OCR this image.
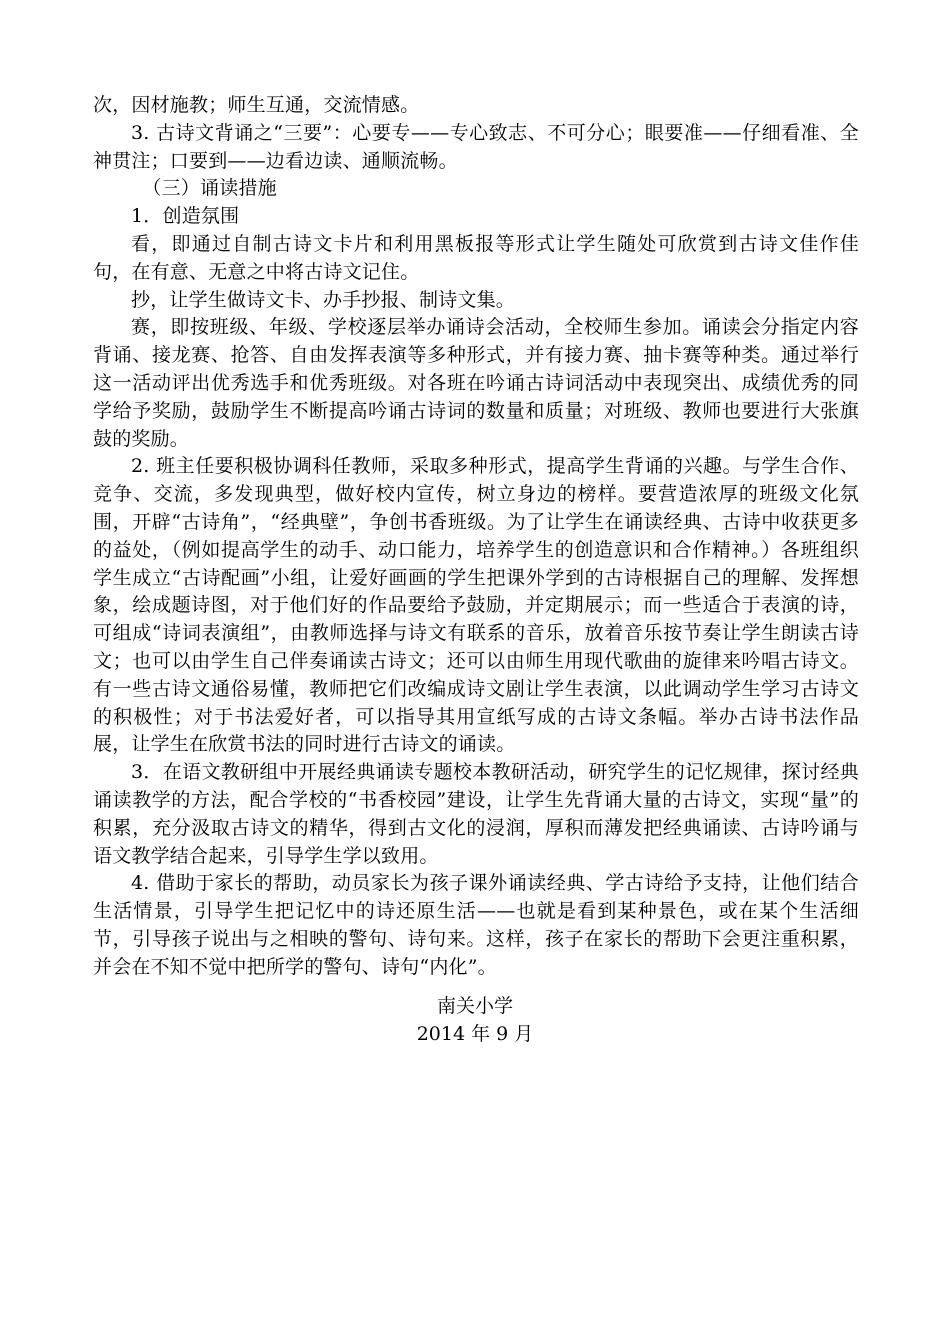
次，因材施教；师生互通，交流情感。

3. 古诗文背诵之“三要”：心要专——专心致志、不可分心；眼要准——仔细看准、全神贯注；口要到——边看边读、通顺流畅。

（三）诵读措施

1．创造氛围

看，即通过自制古诗文卡片和利用黑板报等形式让学生随处可欣赏到古诗文佳作佳句，在有意、无意之中将古诗文记住。

抄，让学生做诗文卡、办手抄报、制诗文集。

赛，即按班级、年级、学校逐层举办诵诗会活动，全校师生参加。诵读会分指定内容背诵、接龙赛、抢答、自由发挥表演等多种形式，并有接力赛、抽卡赛等种类。通过举行这一活动评出优秀选手和优秀班级。对各班在吟诵古诗词活动中表现突出、成绩优秀的同学给予奖励，鼓励学生不断提高吟诵古诗词的数量和质量；对班级、教师也要进行大张旗鼓的奖励。

2. 班主任要积极协调科任教师，采取多种形式，提高学生背诵的兴趣。与学生合作、竞争、交流，多发现典型，做好校内宣传，树立身边的榜样。要营造浓厚的班级文化氛围，开辟“古诗角”，“经典壁”，争创书香班级。为了让学生在诵读经典、古诗中收获更多的益处，（例如提高学生的动手、动口能力，培养学生的创造意识和合作精神。）各班组织学生成立“古诗配画”小组，让爱好画画的学生把课外学到的古诗根据自己的理解、发挥想象，绘成题诗图，对于他们好的作品要给予鼓励，并定期展示；而一些适合于表演的诗，可组成“诗词表演组”，由教师选择与诗文有联系的音乐，放着音乐按节奏让学生朗读古诗文；也可以由学生自己伴奏诵读古诗文；还可以由师生用现代歌曲的旋律来吟唱古诗文。有一些古诗文通俗易懂，教师把它们改编成诗文剧让学生表演，以此调动学生学习古诗文的积极性；对于书法爱好者，可以指导其用宣纸写成的古诗文条幅。举办古诗书法作品展，让学生在欣赏书法的同时进行古诗文的诵读。

3．在语文教研组中开展经典诵读专题校本教研活动，研究学生的记忆规律，探讨经典诵读教学的方法，配合学校的“书香校园”建设，让学生先背诵大量的古诗文，实现“量”的积累，充分汲取古诗文的精华，得到古文化的浸润，厚积而薄发把经典诵读、古诗吟诵与语文教学结合起来，引导学生学以致用。

4. 借助于家长的帮助，动员家长为孩子课外诵读经典、学古诗给予支持，让他们结合生活情景，引导学生把记忆中的诗还原生活——也就是看到某种景色，或在某个生活细节，引导孩子说出与之相映的警句、诗句来。这样，孩子在家长的帮助下会更注重积累，并会在不知不觉中把所学的警句、诗句“内化”。

南关小学
2014 年 9 月
